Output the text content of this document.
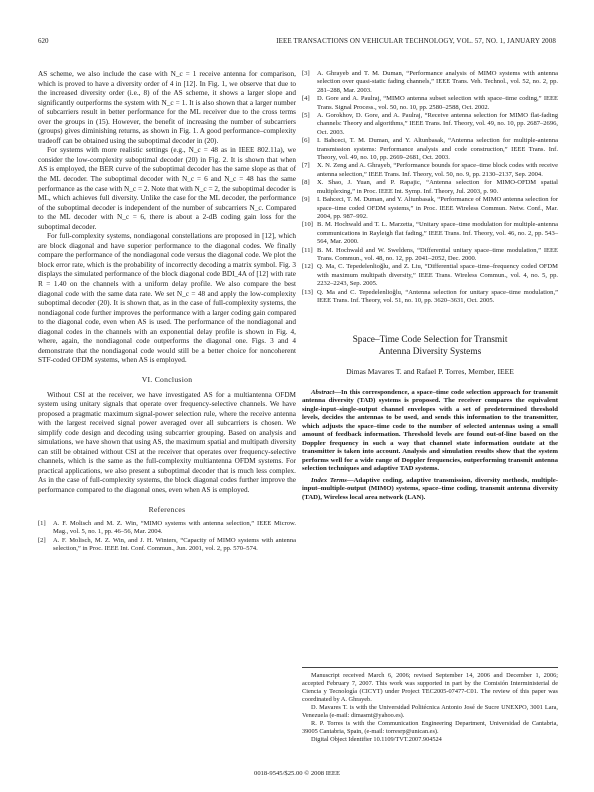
620	IEEE TRANSACTIONS ON VEHICULAR TECHNOLOGY, VOL. 57, NO. 1, JANUARY 2008

AS scheme, we also include the case with N_c = 1 receive antenna for comparison, which is proved to have a diversity order of 4 in [12]. In Fig. 1, we observe that due to the increased diversity order (i.e., 8) of the AS scheme, it shows a larger slope and significantly outperforms the system with N_c = 1. It is also shown that a larger number of subcarriers result in better performance for the ML receiver due to the cross terms over the groups in (15). However, the benefit of increasing the number of subcarriers (groups) gives diminishing returns, as shown in Fig. 1. A good performance–complexity tradeoff can be obtained using the suboptimal decoder in (20).

For systems with more realistic settings (e.g., N_c = 48 as in IEEE 802.11a), we consider the low-complexity suboptimal decoder (20) in Fig. 2. It is shown that when AS is employed, the BER curve of the suboptimal decoder has the same slope as that of the ML decoder. The suboptimal decoder with N_c = 6 and N_c = 48 has the same performance as the case with N_c = 2. Note that with N_c = 2, the suboptimal decoder is ML, which achieves full diversity. Unlike the case for the ML decoder, the performance of the suboptimal decoder is independent of the number of subcarriers N_c. Compared to the ML decoder with N_c = 6, there is about a 2-dB coding gain loss for the suboptimal decoder.

For full-complexity systems, nondiagonal constellations are proposed in [12], which are block diagonal and have superior performance to the diagonal codes. We finally compare the performance of the nondiagonal code versus the diagonal code. We plot the block error rate, which is the probability of incorrectly decoding a matrix symbol. Fig. 3 displays the simulated performance of the block diagonal code BDI_4A of [12] with rate R = 1.40 on the channels with a uniform delay profile. We also compare the best diagonal code with the same data rate. We set N_c = 48 and apply the low-complexity suboptimal decoder (20). It is shown that, as in the case of full-complexity systems, the nondiagonal code further improves the performance with a larger coding gain compared to the diagonal code, even when AS is used. The performance of the nondiagonal and diagonal codes in the channels with an exponential delay profile is shown in Fig. 4, where, again, the nondiagonal code outperforms the diagonal one. Figs. 3 and 4 demonstrate that the nondiagonal code would still be a better choice for noncoherent STF-coded OFDM systems, when AS is employed.

VI. Conclusion

Without CSI at the receiver, we have investigated AS for a multiantenna OFDM system using unitary signals that operate over frequency-selective channels. We have proposed a pragmatic maximum signal-power selection rule, where the receive antenna with the largest received signal power averaged over all subcarriers is chosen. We simplify code design and decoding using subcarrier grouping. Based on analysis and simulations, we have shown that using AS, the maximum spatial and multipath diversity can still be obtained without CSI at the receiver that operates over frequency-selective channels, which is the same as the full-complexity multiantenna OFDM systems. For practical applications, we also present a suboptimal decoder that is much less complex. As in the case of full-complexity systems, the block diagonal codes further improve the performance compared to the diagonal ones, even when AS is employed.

References
[1] A. F. Molisch and M. Z. Win, “MIMO systems with antenna selection,” IEEE Microw. Mag., vol. 5, no. 1, pp. 46–56, Mar. 2004.
[2] A. F. Molisch, M. Z. Win, and J. H. Winters, “Capacity of MIMO systems with antenna selection,” in Proc. IEEE Int. Conf. Commun., Jun. 2001, vol. 2, pp. 570–574.
[3] A. Ghrayeb and T. M. Duman, “Performance analysis of MIMO systems with antenna selection over quasi-static fading channels,” IEEE Trans. Veh. Technol., vol. 52, no. 2, pp. 281–288, Mar. 2003.
[4] D. Gore and A. Paulraj, “MIMO antenna subset selection with space–time coding,” IEEE Trans. Signal Process., vol. 50, no. 10, pp. 2580–2588, Oct. 2002.
[5] A. Gorokhov, D. Gore, and A. Paulraj, “Receive antenna selection for MIMO flat-fading channels: Theory and algorithms,” IEEE Trans. Inf. Theory, vol. 49, no. 10, pp. 2687–2696, Oct. 2003.
[6] I. Bahceci, T. M. Duman, and Y. Altunbasak, “Antenna selection for multiple-antenna transmission systems: Performance analysis and code construction,” IEEE Trans. Inf. Theory, vol. 49, no. 10, pp. 2669–2681, Oct. 2003.
[7] X. N. Zeng and A. Ghrayeb, “Performance bounds for space–time block codes with receive antenna selection,” IEEE Trans. Inf. Theory, vol. 50, no. 9, pp. 2130–2137, Sep. 2004.
[8] X. Shao, J. Yuan, and P. Rapajic, “Antenna selection for MIMO-OFDM spatial multiplexing,” in Proc. IEEE Int. Symp. Inf. Theory, Jul. 2003, p. 90.
[9] I. Bahceci, T. M. Duman, and Y. Altunbasak, “Performance of MIMO antenna selection for space–time coded OFDM systems,” in Proc. IEEE Wireless Commun. Netw. Conf., Mar. 2004, pp. 987–992.
[10] B. M. Hochwald and T. L. Marzetta, “Unitary space–time modulation for multiple-antenna communications in Rayleigh flat fading,” IEEE Trans. Inf. Theory, vol. 46, no. 2, pp. 543–564, Mar. 2000.
[11] B. M. Hochwald and W. Sweldens, “Differential unitary space–time modulation,” IEEE Trans. Commun., vol. 48, no. 12, pp. 2041–2052, Dec. 2000.
[12] Q. Ma, C. Tepedelenlioğlu, and Z. Liu, “Differential space–time–frequency coded OFDM with maximum multipath diversity,” IEEE Trans. Wireless Commun., vol. 4, no. 5, pp. 2232–2243, Sep. 2005.
[13] Q. Ma and C. Tepedelenlioğlu, “Antenna selection for unitary space–time modulation,” IEEE Trans. Inf. Theory, vol. 51, no. 10, pp. 3620–3631, Oct. 2005.
Space–Time Code Selection for Transmit
Antenna Diversity Systems
Dimas Mavares T. and Rafael P. Torres, Member, IEEE

Abstract—In this correspondence, a space–time code selection approach for transmit antenna diversity (TAD) systems is proposed. The receiver compares the equivalent single-input–single-output channel envelopes with a set of predetermined threshold levels, decides the antennas to be used, and sends this information to the transmitter, which adjusts the space–time code to the number of selected antennas using a small amount of feedback information. Threshold levels are found out-of-line based on the Doppler frequency in such a way that channel state information outdate at the transmitter is taken into account. Analysis and simulation results show that the system performs well for a wide range of Doppler frequencies, outperforming transmit antenna selection techniques and adaptive TAD systems.

Index Terms—Adaptive coding, adaptive transmission, diversity methods, multiple-input–multiple-output (MIMO) systems, space–time coding, transmit antenna diversity (TAD), Wireless local area network (LAN).

Manuscript received March 6, 2006; revised September 14, 2006 and December 1, 2006; accepted February 7, 2007. This work was supported in part by the Comisión Interministerial de Ciencia y Tecnología (CICYT) under Project TEC2005-07477-C01. The review of this paper was coordinated by A. Ghrayeb.

D. Mavares T. is with the Universidad Politécnica Antonio José de Sucre UNEXPO, 3001 Lara, Venezuela (e-mail: dimasmt@yahoo.es).

R. P. Torres is with the Communication Engineering Department, Universidad de Cantabria, 39005 Cantabria, Spain, (e-mail: torresrp@unican.es).

Digital Object Identifier 10.1109/TVT.2007.904524

0018-9545/$25.00 © 2008 IEEE
